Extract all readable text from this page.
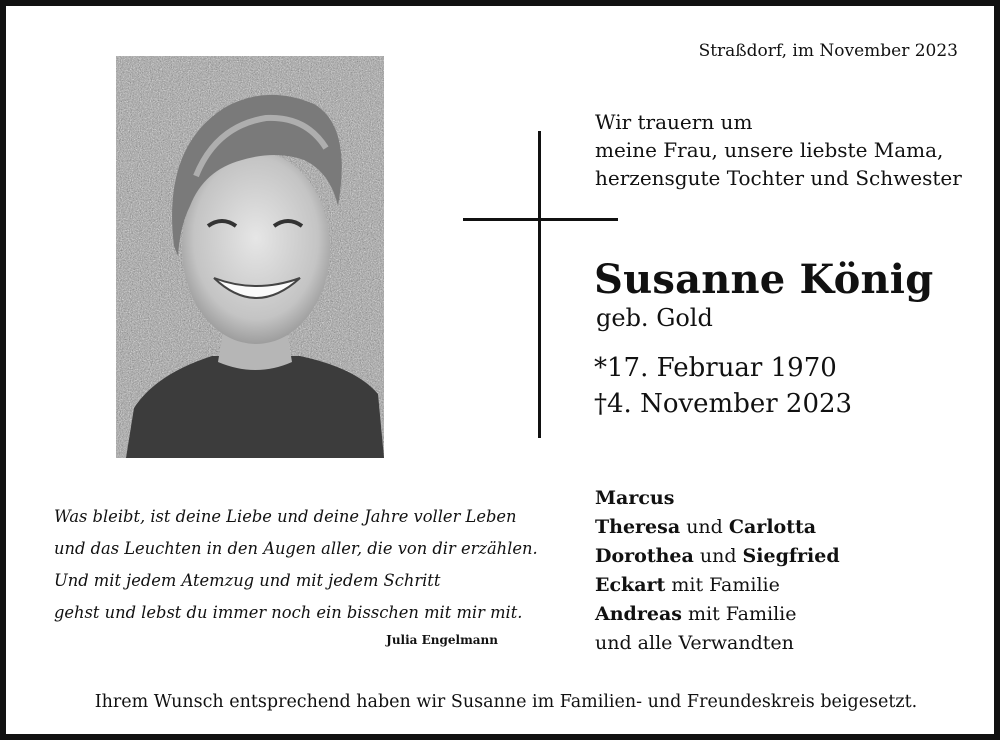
Straßdorf, im November 2023
Wir trauern um
meine Frau, unsere liebste Mama,
herzensgute Tochter und Schwester
Susanne König
geb. Gold
*17. Februar 1970
†4. November 2023
Was bleibt, ist deine Liebe und deine Jahre voller Leben
und das Leuchten in den Augen aller, die von dir erzählen.
Und mit jedem Atemzug und mit jedem Schritt
gehst und lebst du immer noch ein bisschen mit mir mit.
Julia Engelmann
Marcus
Theresa und Carlotta
Dorothea und Siegfried
Eckart mit Familie
Andreas mit Familie
und alle Verwandten
Ihrem Wunsch entsprechend haben wir Susanne im Familien- und Freundeskreis beigesetzt.
